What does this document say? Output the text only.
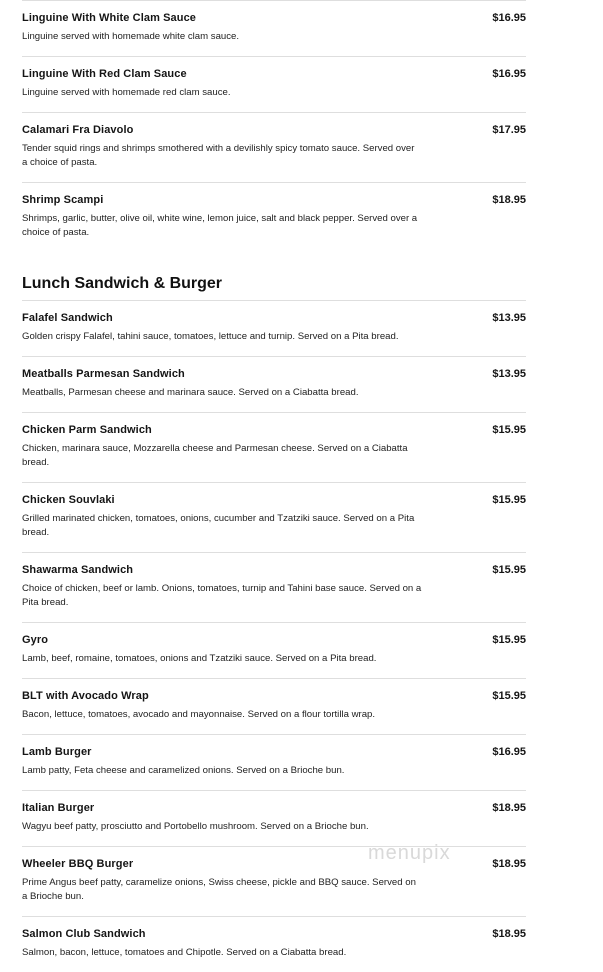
Linguine With White Clam Sauce	$16.95
Linguine served with homemade white clam sauce.
Linguine With Red Clam Sauce	$16.95
Linguine served with homemade red clam sauce.
Calamari Fra Diavolo	$17.95
Tender squid rings and shrimps smothered with a devilishly spicy tomato sauce. Served over a choice of pasta.
Shrimp Scampi	$18.95
Shrimps, garlic, butter, olive oil, white wine, lemon juice, salt and black pepper. Served over a choice of pasta.
Lunch Sandwich & Burger
Falafel Sandwich	$13.95
Golden crispy Falafel, tahini sauce, tomatoes, lettuce and turnip. Served on a Pita bread.
Meatballs Parmesan Sandwich	$13.95
Meatballs, Parmesan cheese and marinara sauce. Served on a Ciabatta bread.
Chicken Parm Sandwich	$15.95
Chicken, marinara sauce, Mozzarella cheese and Parmesan cheese. Served on a Ciabatta bread.
Chicken Souvlaki	$15.95
Grilled marinated chicken, tomatoes, onions, cucumber and Tzatziki sauce. Served on a Pita bread.
Shawarma Sandwich	$15.95
Choice of chicken, beef or lamb. Onions, tomatoes, turnip and Tahini base sauce. Served on a Pita bread.
Gyro	$15.95
Lamb, beef, romaine, tomatoes, onions and Tzatziki sauce. Served on a Pita bread.
BLT with Avocado Wrap	$15.95
Bacon, lettuce, tomatoes, avocado and mayonnaise. Served on a flour tortilla wrap.
Lamb Burger	$16.95
Lamb patty, Feta cheese and caramelized onions. Served on a Brioche bun.
Italian Burger	$18.95
Wagyu beef patty, prosciutto and Portobello mushroom. Served on a Brioche bun.
Wheeler BBQ Burger	$18.95
Prime Angus beef patty, caramelize onions, Swiss cheese, pickle and BBQ sauce. Served on a Brioche bun.
Salmon Club Sandwich	$18.95
Salmon, bacon, lettuce, tomatoes and Chipotle. Served on a Ciabatta bread.
menupix
